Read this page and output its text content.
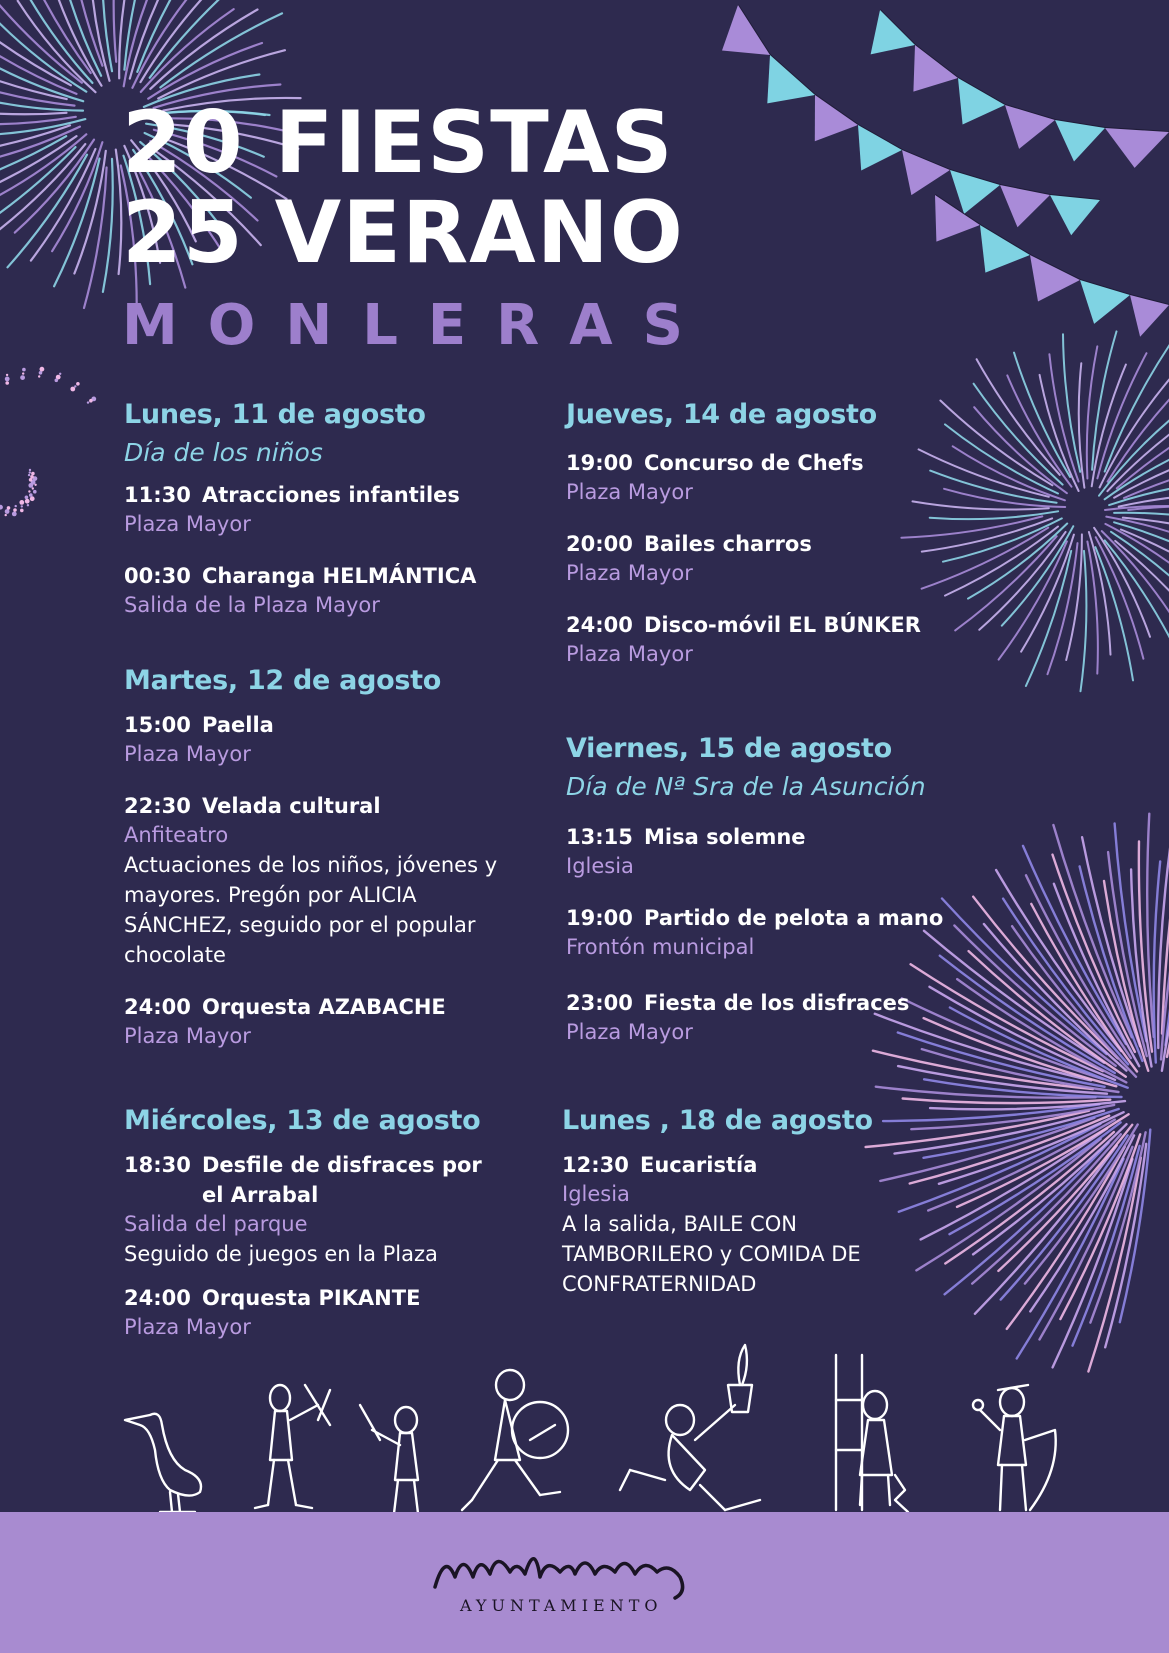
20 FIESTAS
25 VERANO
MONLERAS
Lunes, 11 de agosto
Día de los niños
11:30 Atracciones infantiles
Plaza Mayor
00:30 Charanga HELMÁNTICA
Salida de la Plaza Mayor
Martes, 12 de agosto
15:00 Paella
Plaza Mayor
22:30 Velada cultural
Anfiteatro
Actuaciones de los niños, jóvenes y mayores. Pregón por ALICIA SÁNCHEZ, seguido por el popular chocolate
24:00 Orquesta AZABACHE
Plaza Mayor
Miércoles, 13 de agosto
18:30 Desfile de disfraces por el Arrabal
Salida del parque
Seguido de juegos en la Plaza
24:00 Orquesta PIKANTE
Plaza Mayor
Jueves, 14 de agosto
19:00 Concurso de Chefs
Plaza Mayor
20:00 Bailes charros
Plaza Mayor
24:00 Disco-móvil EL BÚNKER
Plaza Mayor
Viernes, 15 de agosto
Día de Nª Sra de la Asunción
13:15 Misa solemne
Iglesia
19:00 Partido de pelota a mano
Frontón municipal
23:00 Fiesta de los disfraces
Plaza Mayor
Lunes , 18 de agosto
12:30 Eucaristía
Iglesia
A la salida, BAILE CON TAMBORILERO y COMIDA DE CONFRATERNIDAD
AYUNTAMIENTO
